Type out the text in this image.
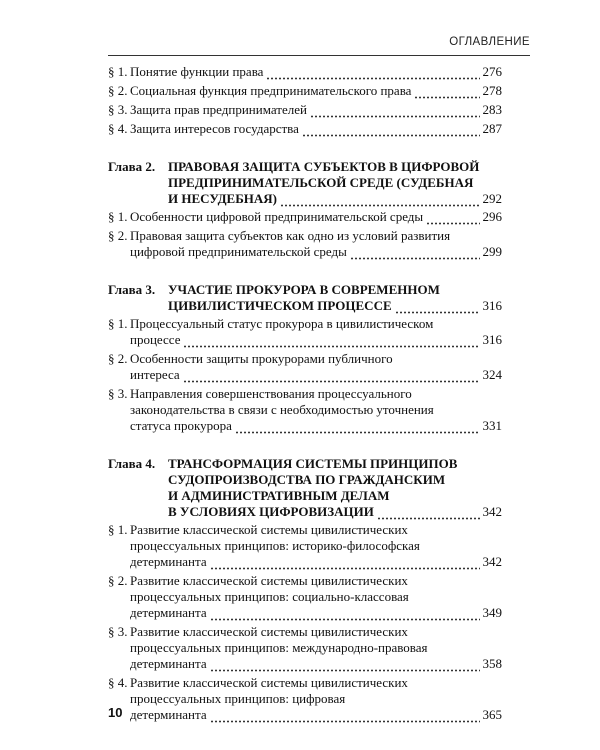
ОГЛАВЛЕНИЕ
§ 1. Понятие функции права	276
§ 2. Социальная функция предпринимательского права	278
§ 3. Защита прав предпринимателей	283
§ 4. Защита интересов государства	287
Глава 2. ПРАВОВАЯ ЗАЩИТА СУБЪЕКТОВ В ЦИФРОВОЙ
ПРЕДПРИНИМАТЕЛЬСКОЙ СРЕДЕ (СУДЕБНАЯ
И НЕСУДЕБНАЯ)	292
§ 1. Особенности цифровой предпринимательской среды	296
§ 2. Правовая защита субъектов как одно из условий развития
цифровой предпринимательской среды	299
Глава 3. УЧАСТИЕ ПРОКУРОРА В СОВРЕМЕННОМ
ЦИВИЛИСТИЧЕСКОМ ПРОЦЕССЕ	316
§ 1. Процессуальный статус прокурора в цивилистическом
процессе	316
§ 2. Особенности защиты прокурорами публичного
интереса	324
§ 3. Направления совершенствования процессуального
законодательства в связи с необходимостью уточнения
статуса прокурора	331
Глава 4. ТРАНСФОРМАЦИЯ СИСТЕМЫ ПРИНЦИПОВ
СУДОПРОИЗВОДСТВА ПО ГРАЖДАНСКИМ
И АДМИНИСТРАТИВНЫМ ДЕЛАМ
В УСЛОВИЯХ ЦИФРОВИЗАЦИИ	342
§ 1. Развитие классической системы цивилистических
процессуальных принципов: историко-философская
детерминанта	342
§ 2. Развитие классической системы цивилистических
процессуальных принципов: социально-классовая
детерминанта	349
§ 3. Развитие классической системы цивилистических
процессуальных принципов: международно-правовая
детерминанта	358
§ 4. Развитие классической системы цивилистических
процессуальных принципов: цифровая
детерминанта	365
10
